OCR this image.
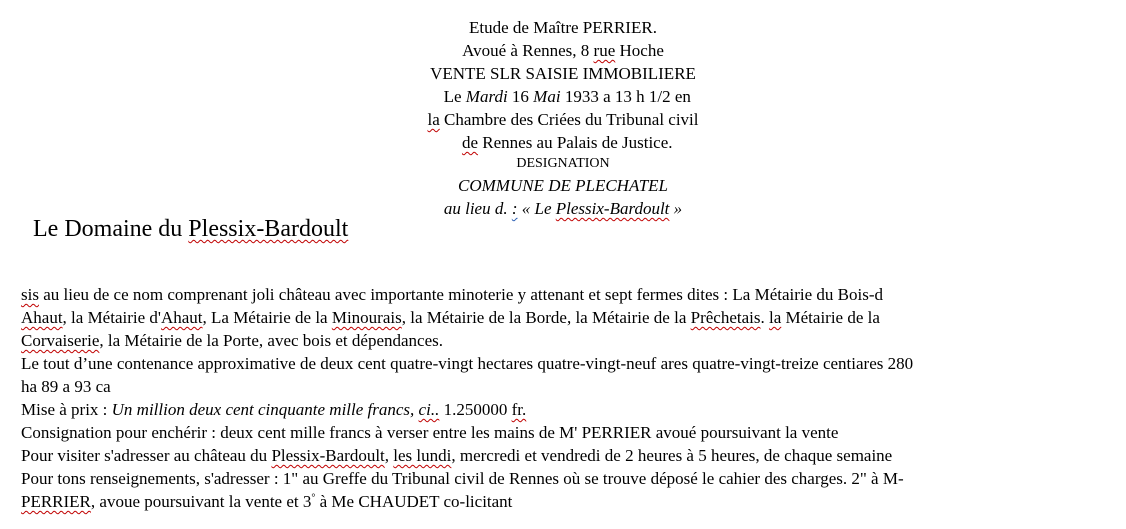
Etude de Maître PERRIER.
Avoué à Rennes, 8 rue Hoche
VENTE SLR SAISIE IMMOBILIERE
Le Mardi 16 Mai 1933 a 13 h 1/2 en
la Chambre des Criées du Tribunal civil
de Rennes au Palais de Justice.
DESIGNATION
COMMUNE DE PLECHATEL
au lieu d. : « Le Plessix-Bardoult »
Le Domaine du Plessix-Bardoult
sis au lieu de ce nom comprenant joli château avec importante minoterie y attenant et sept fermes dites : La Métairie du Bois-d
Ahaut, la Métairie d'Ahaut, La Métairie de la Minourais, la Métairie de la Borde, la Métairie de la Prêchetais. la Métairie de la
Corvaiserie, la Métairie de la Porte, avec bois et dépendances.
Le tout d’une contenance approximative de deux cent quatre-vingt hectares quatre-vingt-neuf ares quatre-vingt-treize centiares 280
ha 89 a 93 ca
Mise à prix : Un million deux cent cinquante mille francs, ci.. 1.250000 fr.
Consignation pour enchérir : deux cent mille francs à verser entre les mains de M' PERRIER avoué poursuivant la vente
Pour visiter s'adresser au château du Plessix-Bardoult, les lundi, mercredi et vendredi de 2 heures à 5 heures, de chaque semaine
Pour tons renseignements, s'adresser : 1" au Greffe du Tribunal civil de Rennes où se trouve déposé le cahier des charges. 2" à M-
PERRIER, avoue poursuivant la vente et 3° à Me CHAUDET co-licitant
